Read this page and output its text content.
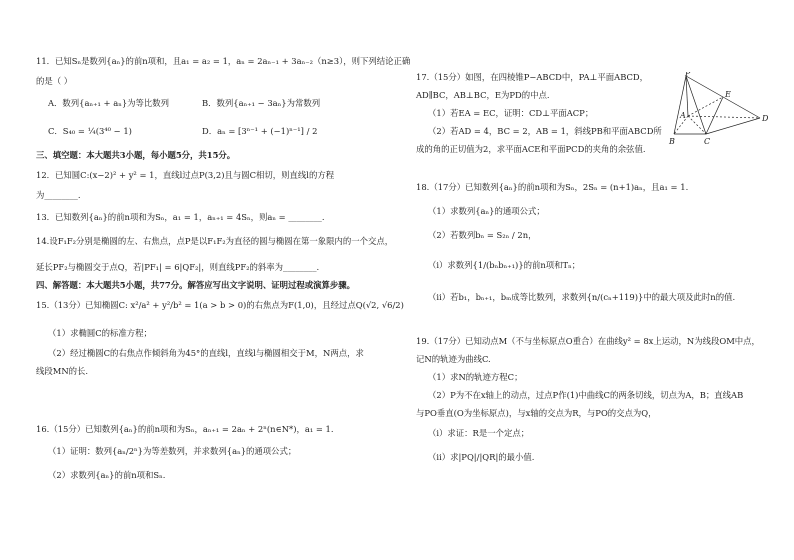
11．已知Sₙ是数列{aₙ}的前n项和，且a₁ = a₂ = 1，aₙ = 2aₙ₋₁ + 3aₙ₋₂（n≥3），则下列结论正确
的是（ ）
A．数列{aₙ₊₁ + aₙ}为等比数列	B．数列{aₙ₊₁ − 3aₙ}为常数列
C．S₄₀ = ¼(3⁴⁰ − 1)	D．aₙ = [3ⁿ⁻¹ + (−1)ⁿ⁻¹] / 2
三、填空题：本大题共3小题，每小题5分，共15分。
12．已知圆C:(x−2)² + y² = 1，直线l过点P(3,2)且与圆C相切，则直线l的方程
为________.
13．已知数列{aₙ}的前n项和为Sₙ，a₁ = 1，aₙ₊₁ = 4Sₙ，则aₙ = ________.
14.设F₁F₂分别是椭圆的左、右焦点，点P是以F₁F₂为直径的圆与椭圆在第一象限内的一个交点，
延长PF₂与椭圆交于点Q，若|PF₁| = 6|QF₂|，则直线PF₂的斜率为________.
四、解答题：本大题共5小题，共77分。解答应写出文字说明、证明过程或演算步骤。
15.（13分）已知椭圆C: x²/a² + y²/b² = 1(a > b > 0)的右焦点为F(1,0)，且经过点Q(√2, √6/2)
（1）求椭圆C的标准方程；
（2）经过椭圆C的右焦点作倾斜角为45°的直线l，直线l与椭圆相交于M，N两点，求
线段MN的长.
16.（15分）已知数列{aₙ}的前n项和为Sₙ，aₙ₊₁ = 2aₙ + 2ⁿ(n∈N*)，a₁ = 1.
（1）证明：数列{aₙ/2ⁿ}为等差数列，并求数列{aₙ}的通项公式；
（2）求数列{aₙ}的前n项和Sₙ.
17.（15分）如图，在四棱锥P−ABCD中，PA⊥平面ABCD，
AD∥BC，AB⊥BC，E为PD的中点.
（1）若EA = EC，证明：CD⊥平面ACP；
（2）若AD = 4，BC = 2，AB = 1，斜线PB和平面ABCD所
成的角的正切值为2，求平面ACE和平面PCD的夹角的余弦值.
18.（17分）已知数列{aₙ}的前n项和为Sₙ，2Sₙ = (n+1)aₙ，且a₁ = 1.
（1）求数列{aₙ}的通项公式；
（2）若数列bₙ = S₂ₙ / 2n，
（ⅰ）求数列{1/(bₙbₙ₊₁)}的前n项和Tₙ；
（ⅱ）若b₁，bₙ₊₁，bₘ成等比数列，求数列{n/(cₙ+119)}中的最大项及此时n的值.
19.（17分）已知动点M（不与坐标原点O重合）在曲线y² = 8x上运动，N为线段OM中点，
记N的轨迹为曲线C.
（1）求N的轨迹方程C；
（2）P为不在x轴上的动点，过点P作(1)中曲线C的两条切线，切点为A，B；直线AB
与PO垂直(O为坐标原点)，与x轴的交点为R，与PO的交点为Q，
（ⅰ）求证：R是一个定点；
（ⅱ）求|PQ|/|QR|的最小值.
P
E
A	D
B	C
